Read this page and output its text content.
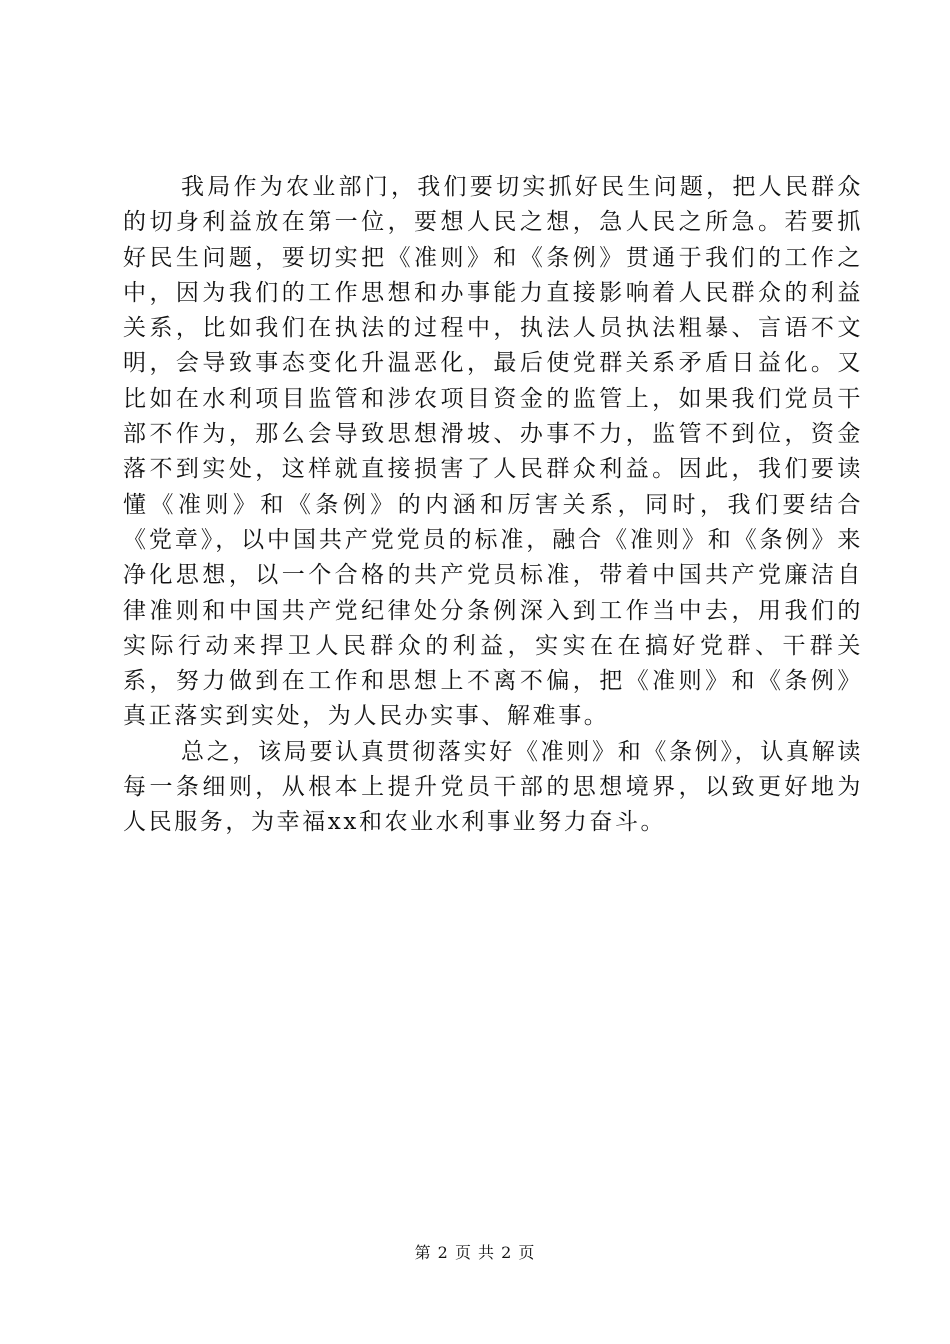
我局作为农业部门，我们要切实抓好民生问题，把人民群众的切身利益放在第一位，要想人民之想，急人民之所急。若要抓好民生问题，要切实把《准则》和《条例》贯通于我们的工作之中，因为我们的工作思想和办事能力直接影响着人民群众的利益关系，比如我们在执法的过程中，执法人员执法粗暴、言语不文明，会导致事态变化升温恶化，最后使党群关系矛盾日益化。又比如在水利项目监管和涉农项目资金的监管上，如果我们党员干部不作为，那么会导致思想滑坡、办事不力，监管不到位，资金落不到实处，这样就直接损害了人民群众利益。因此，我们要读懂《准则》和《条例》的内涵和厉害关系，同时，我们要结合《党章》，以中国共产党党员的标准，融合《准则》和《条例》来净化思想，以一个合格的共产党员标准，带着中国共产党廉洁自律准则和中国共产党纪律处分条例深入到工作当中去，用我们的实际行动来捍卫人民群众的利益，实实在在搞好党群、干群关系，努力做到在工作和思想上不离不偏，把《准则》和《条例》真正落实到实处，为人民办实事、解难事。

总之，该局要认真贯彻落实好《准则》和《条例》，认真解读每一条细则，从根本上提升党员干部的思想境界，以致更好地为人民服务，为幸福xx和农业水利事业努力奋斗。

第 2 页 共 2 页
